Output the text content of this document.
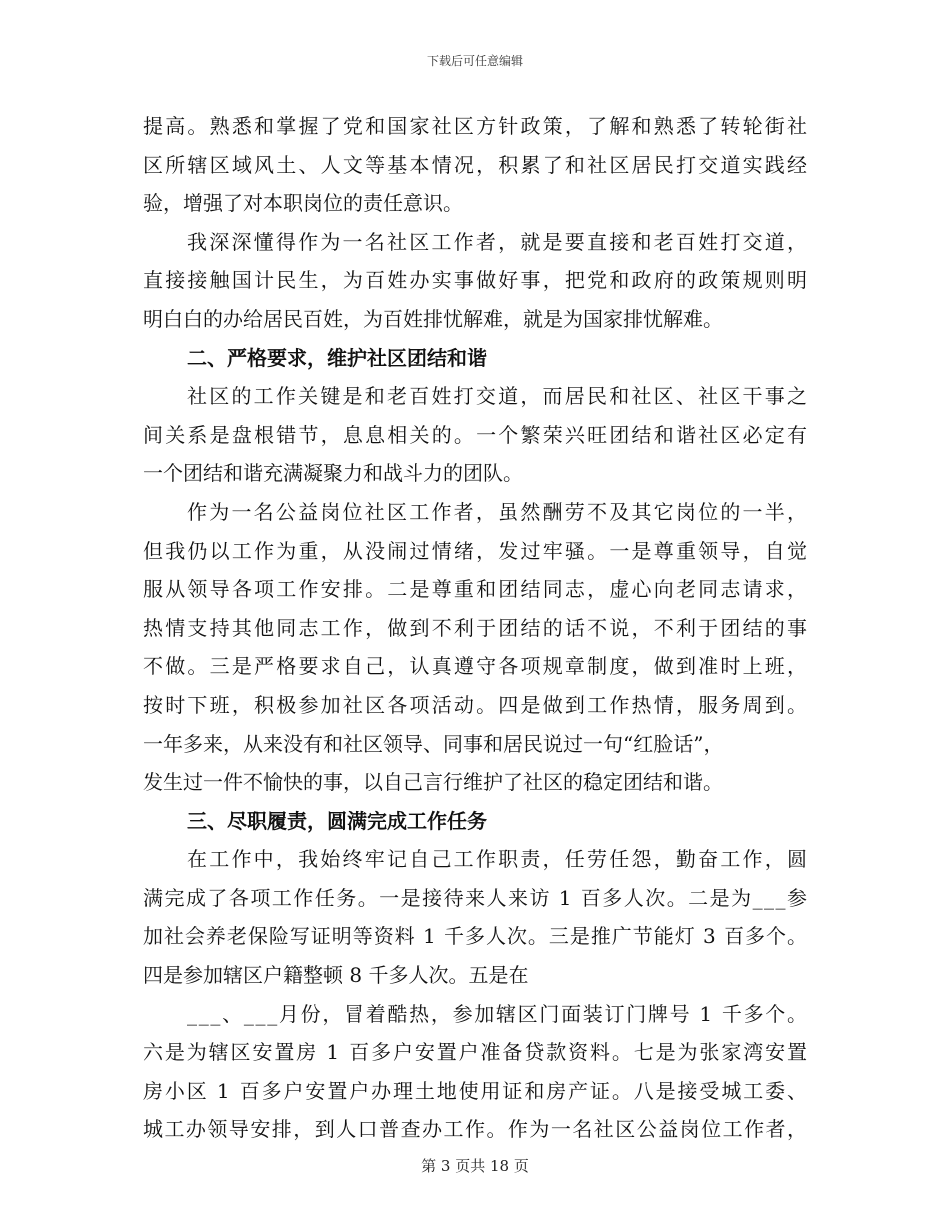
下载后可任意编辑
提高。熟悉和掌握了党和国家社区方针政策，了解和熟悉了转轮街社
区所辖区域风土、人文等基本情况，积累了和社区居民打交道实践经
验，增强了对本职岗位的责任意识。
我深深懂得作为一名社区工作者，就是要直接和老百姓打交道，
直接接触国计民生，为百姓办实事做好事，把党和政府的政策规则明
明白白的办给居民百姓，为百姓排忧解难，就是为国家排忧解难。
二、严格要求，维护社区团结和谐
社区的工作关键是和老百姓打交道，而居民和社区、社区干事之
间关系是盘根错节，息息相关的。一个繁荣兴旺团结和谐社区必定有
一个团结和谐充满凝聚力和战斗力的团队。
作为一名公益岗位社区工作者，虽然酬劳不及其它岗位的一半，
但我仍以工作为重，从没闹过情绪，发过牢骚。一是尊重领导，自觉
服从领导各项工作安排。二是尊重和团结同志，虚心向老同志请求，
热情支持其他同志工作，做到不利于团结的话不说，不利于团结的事
不做。三是严格要求自己，认真遵守各项规章制度，做到准时上班，
按时下班，积极参加社区各项活动。四是做到工作热情，服务周到。
一年多来，从来没有和社区领导、同事和居民说过一句“红脸话”，
发生过一件不愉快的事，以自己言行维护了社区的稳定团结和谐。
三、尽职履责，圆满完成工作任务
在工作中，我始终牢记自己工作职责，任劳任怨，勤奋工作，圆
满完成了各项工作任务。一是接待来人来访 1 百多人次。二是为___参
加社会养老保险写证明等资料 1 千多人次。三是推广节能灯 3 百多个。
四是参加辖区户籍整顿 8 千多人次。五是在
___、___月份，冒着酷热，参加辖区门面装订门牌号 1 千多个。
六是为辖区安置房 1 百多户安置户准备贷款资料。七是为张家湾安置
房小区 1 百多户安置户办理土地使用证和房产证。八是接受城工委、
城工办领导安排，到人口普查办工作。作为一名社区公益岗位工作者，
第 3 页共 18 页
